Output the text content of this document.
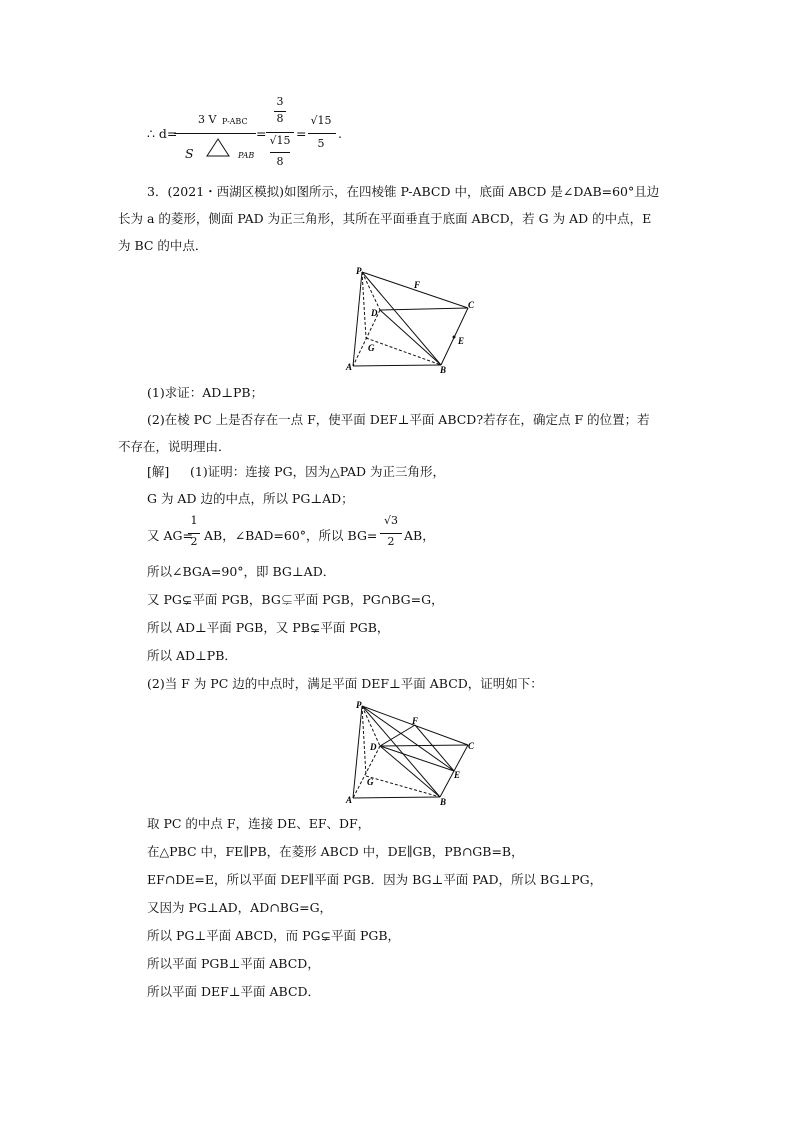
∴ d=
3 V P-ABC
S	PAB
=
3
8
√15
8
=
√15
5
.
3．(2021・西湖区模拟)如图所示，在四棱锥 P-ABCD 中，底面 ABCD 是∠DAB=60°且边
长为 a 的菱形，侧面 PAD 为正三角形，其所在平面垂直于底面 ABCD，若 G 为 AD 的中点，E
为 BC 的中点．
P
F
C
D
E
G
A	B
(1)求证：AD⊥PB；
(2)在棱 PC 上是否存在一点 F，使平面 DEF⊥平面 ABCD?若存在，确定点 F 的位置；若
不存在，说明理由．
[解] (1)证明：连接 PG，因为△PAD 为正三角形，
G 为 AD 边的中点，所以 PG⊥AD；
又 AG=
1
2 AB，∠BAD=60°，所以 BG=
√3
2 AB，
所以∠BGA=90°，即 BG⊥AD．
又 PG⊊平面 PGB，BG⊊平面 PGB，PG∩BG=G，
所以 AD⊥平面 PGB，又 PB⊊平面 PGB，
所以 AD⊥PB．
(2)当 F 为 PC 边的中点时，满足平面 DEF⊥平面 ABCD，证明如下：
P
F
C
D
E
G
A	B
取 PC 的中点 F，连接 DE、EF、DF，
在△PBC 中，FE∥PB，在菱形 ABCD 中，DE∥GB，PB∩GB=B，
EF∩DE=E，所以平面 DEF∥平面 PGB．因为 BG⊥平面 PAD，所以 BG⊥PG，
又因为 PG⊥AD，AD∩BG=G，
所以 PG⊥平面 ABCD，而 PG⊊平面 PGB，
所以平面 PGB⊥平面 ABCD，
所以平面 DEF⊥平面 ABCD．
